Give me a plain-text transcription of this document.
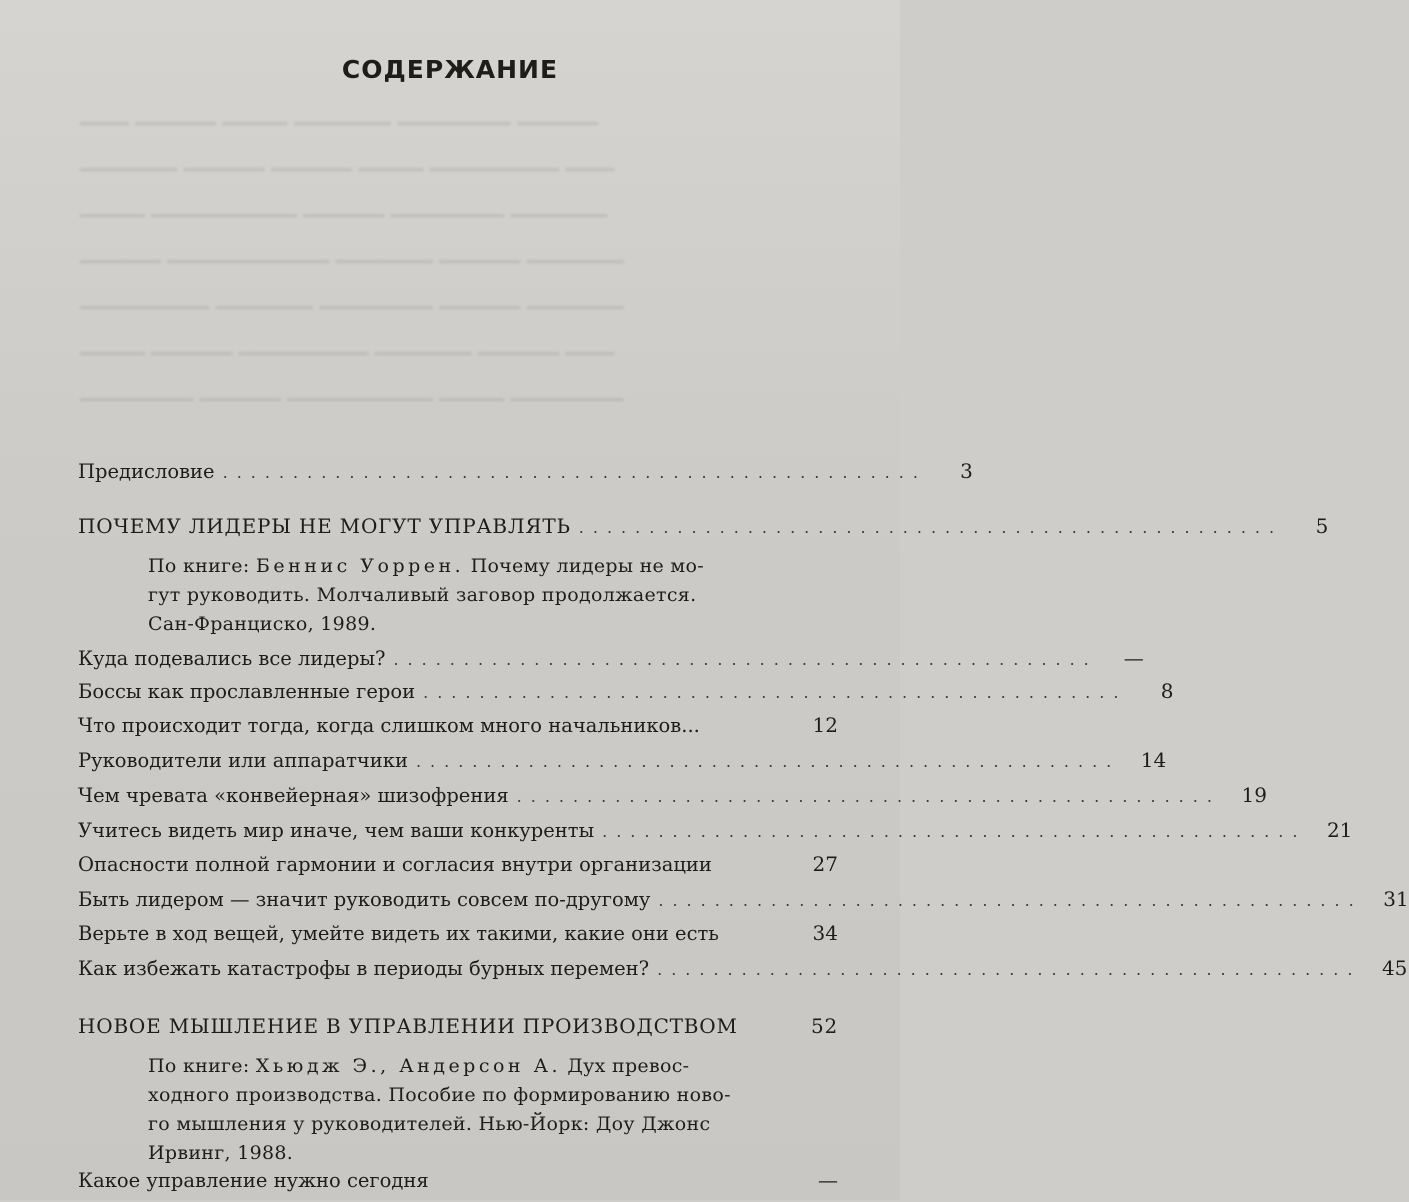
▁▁▁ ▁▁▁▁▁ ▁▁▁▁ ▁▁▁▁▁▁ ▁▁▁▁▁▁▁ ▁▁▁▁▁
▁▁▁▁▁▁ ▁▁▁▁▁ ▁▁▁▁▁ ▁▁▁▁ ▁▁▁▁▁▁▁▁ ▁▁▁
▁▁▁▁ ▁▁▁▁▁▁▁▁▁ ▁▁▁▁▁ ▁▁▁▁▁▁▁ ▁▁▁▁▁▁
▁▁▁▁▁ ▁▁▁▁▁▁▁▁▁▁ ▁▁▁▁▁▁ ▁▁▁▁▁ ▁▁▁▁▁▁
▁▁▁▁▁▁▁▁ ▁▁▁▁▁▁ ▁▁▁▁▁▁▁ ▁▁▁▁▁ ▁▁▁▁▁▁
▁▁▁▁ ▁▁▁▁▁ ▁▁▁▁▁▁▁▁ ▁▁▁▁▁▁ ▁▁▁▁▁ ▁▁▁
▁▁▁▁▁▁▁ ▁▁▁▁▁ ▁▁▁▁▁▁▁▁▁ ▁▁▁▁ ▁▁▁▁▁▁▁
СОДЕРЖАНИЕ
Предисловие ..................................................	3
ПОЧЕМУ ЛИДЕРЫ НЕ МОГУТ УПРАВЛЯТЬ ..................................................	5
По книге: Беннис Уоррен. Почему лидеры не мо-
гут руководить. Молчаливый заговор продолжается.
Сан-Франциско, 1989.
Куда подевались все лидеры? ..................................................	—
Боссы как прославленные герои ..................................................	8
Что происходит тогда, когда слишком много начальников...	12
Руководители или аппаратчики ..................................................	14
Чем чревата «конвейерная» шизофрения ..................................................	19
Учитесь видеть мир иначе, чем ваши конкуренты ..................................................	21
Опасности полной гармонии и согласия внутри организации	27
Быть лидером — значит руководить совсем по-другому ..................................................	31
Верьте в ход вещей, умейте видеть их такими, какие они есть	34
Как избежать катастрофы в периоды бурных перемен? ..................................................	45
НОВОЕ МЫШЛЕНИЕ В УПРАВЛЕНИИ ПРОИЗВОДСТВОМ	52
По книге: Хьюдж Э., Андерсон А. Дух превос-
ходного производства. Пособие по формированию ново-
го мышления у руководителей. Нью-Йорк: Доу Джонс
Ирвинг, 1988.
Какое управление нужно сегодня	—
